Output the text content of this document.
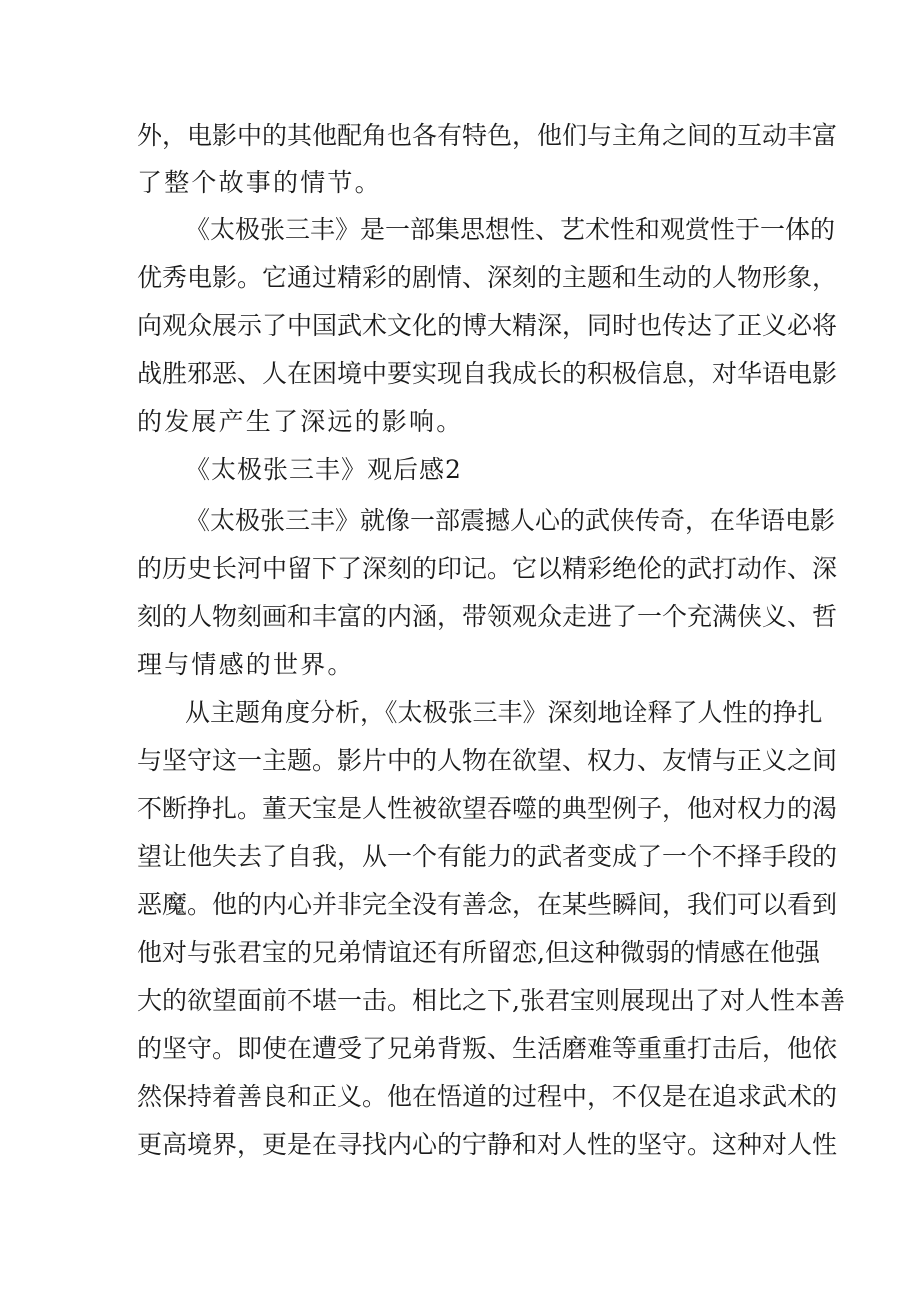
外，电影中的其他配角也各有特色，他们与主角之间的互动丰富
了整个故事的情节。
《太极张三丰》是一部集思想性、艺术性和观赏性于一体的
优秀电影。它通过精彩的剧情、深刻的主题和生动的人物形象，
向观众展示了中国武术文化的博大精深，同时也传达了正义必将
战胜邪恶、人在困境中要实现自我成长的积极信息，对华语电影
的发展产生了深远的影响。
《太极张三丰》观后感2
《太极张三丰》就像一部震撼人心的武侠传奇，在华语电影
的历史长河中留下了深刻的印记。它以精彩绝伦的武打动作、深
刻的人物刻画和丰富的内涵，带领观众走进了一个充满侠义、哲
理与情感的世界。
从主题角度分析，《太极张三丰》深刻地诠释了人性的挣扎
与坚守这一主题。影片中的人物在欲望、权力、友情与正义之间
不断挣扎。董天宝是人性被欲望吞噬的典型例子，他对权力的渴
望让他失去了自我，从一个有能力的武者变成了一个不择手段的
恶魔。他的内心并非完全没有善念，在某些瞬间，我们可以看到
他对与张君宝的兄弟情谊还有所留恋,但这种微弱的情感在他强
大的欲望面前不堪一击。相比之下,张君宝则展现出了对人性本善
的坚守。即使在遭受了兄弟背叛、生活磨难等重重打击后，他依
然保持着善良和正义。他在悟道的过程中，不仅是在追求武术的
更高境界，更是在寻找内心的宁静和对人性的坚守。这种对人性
